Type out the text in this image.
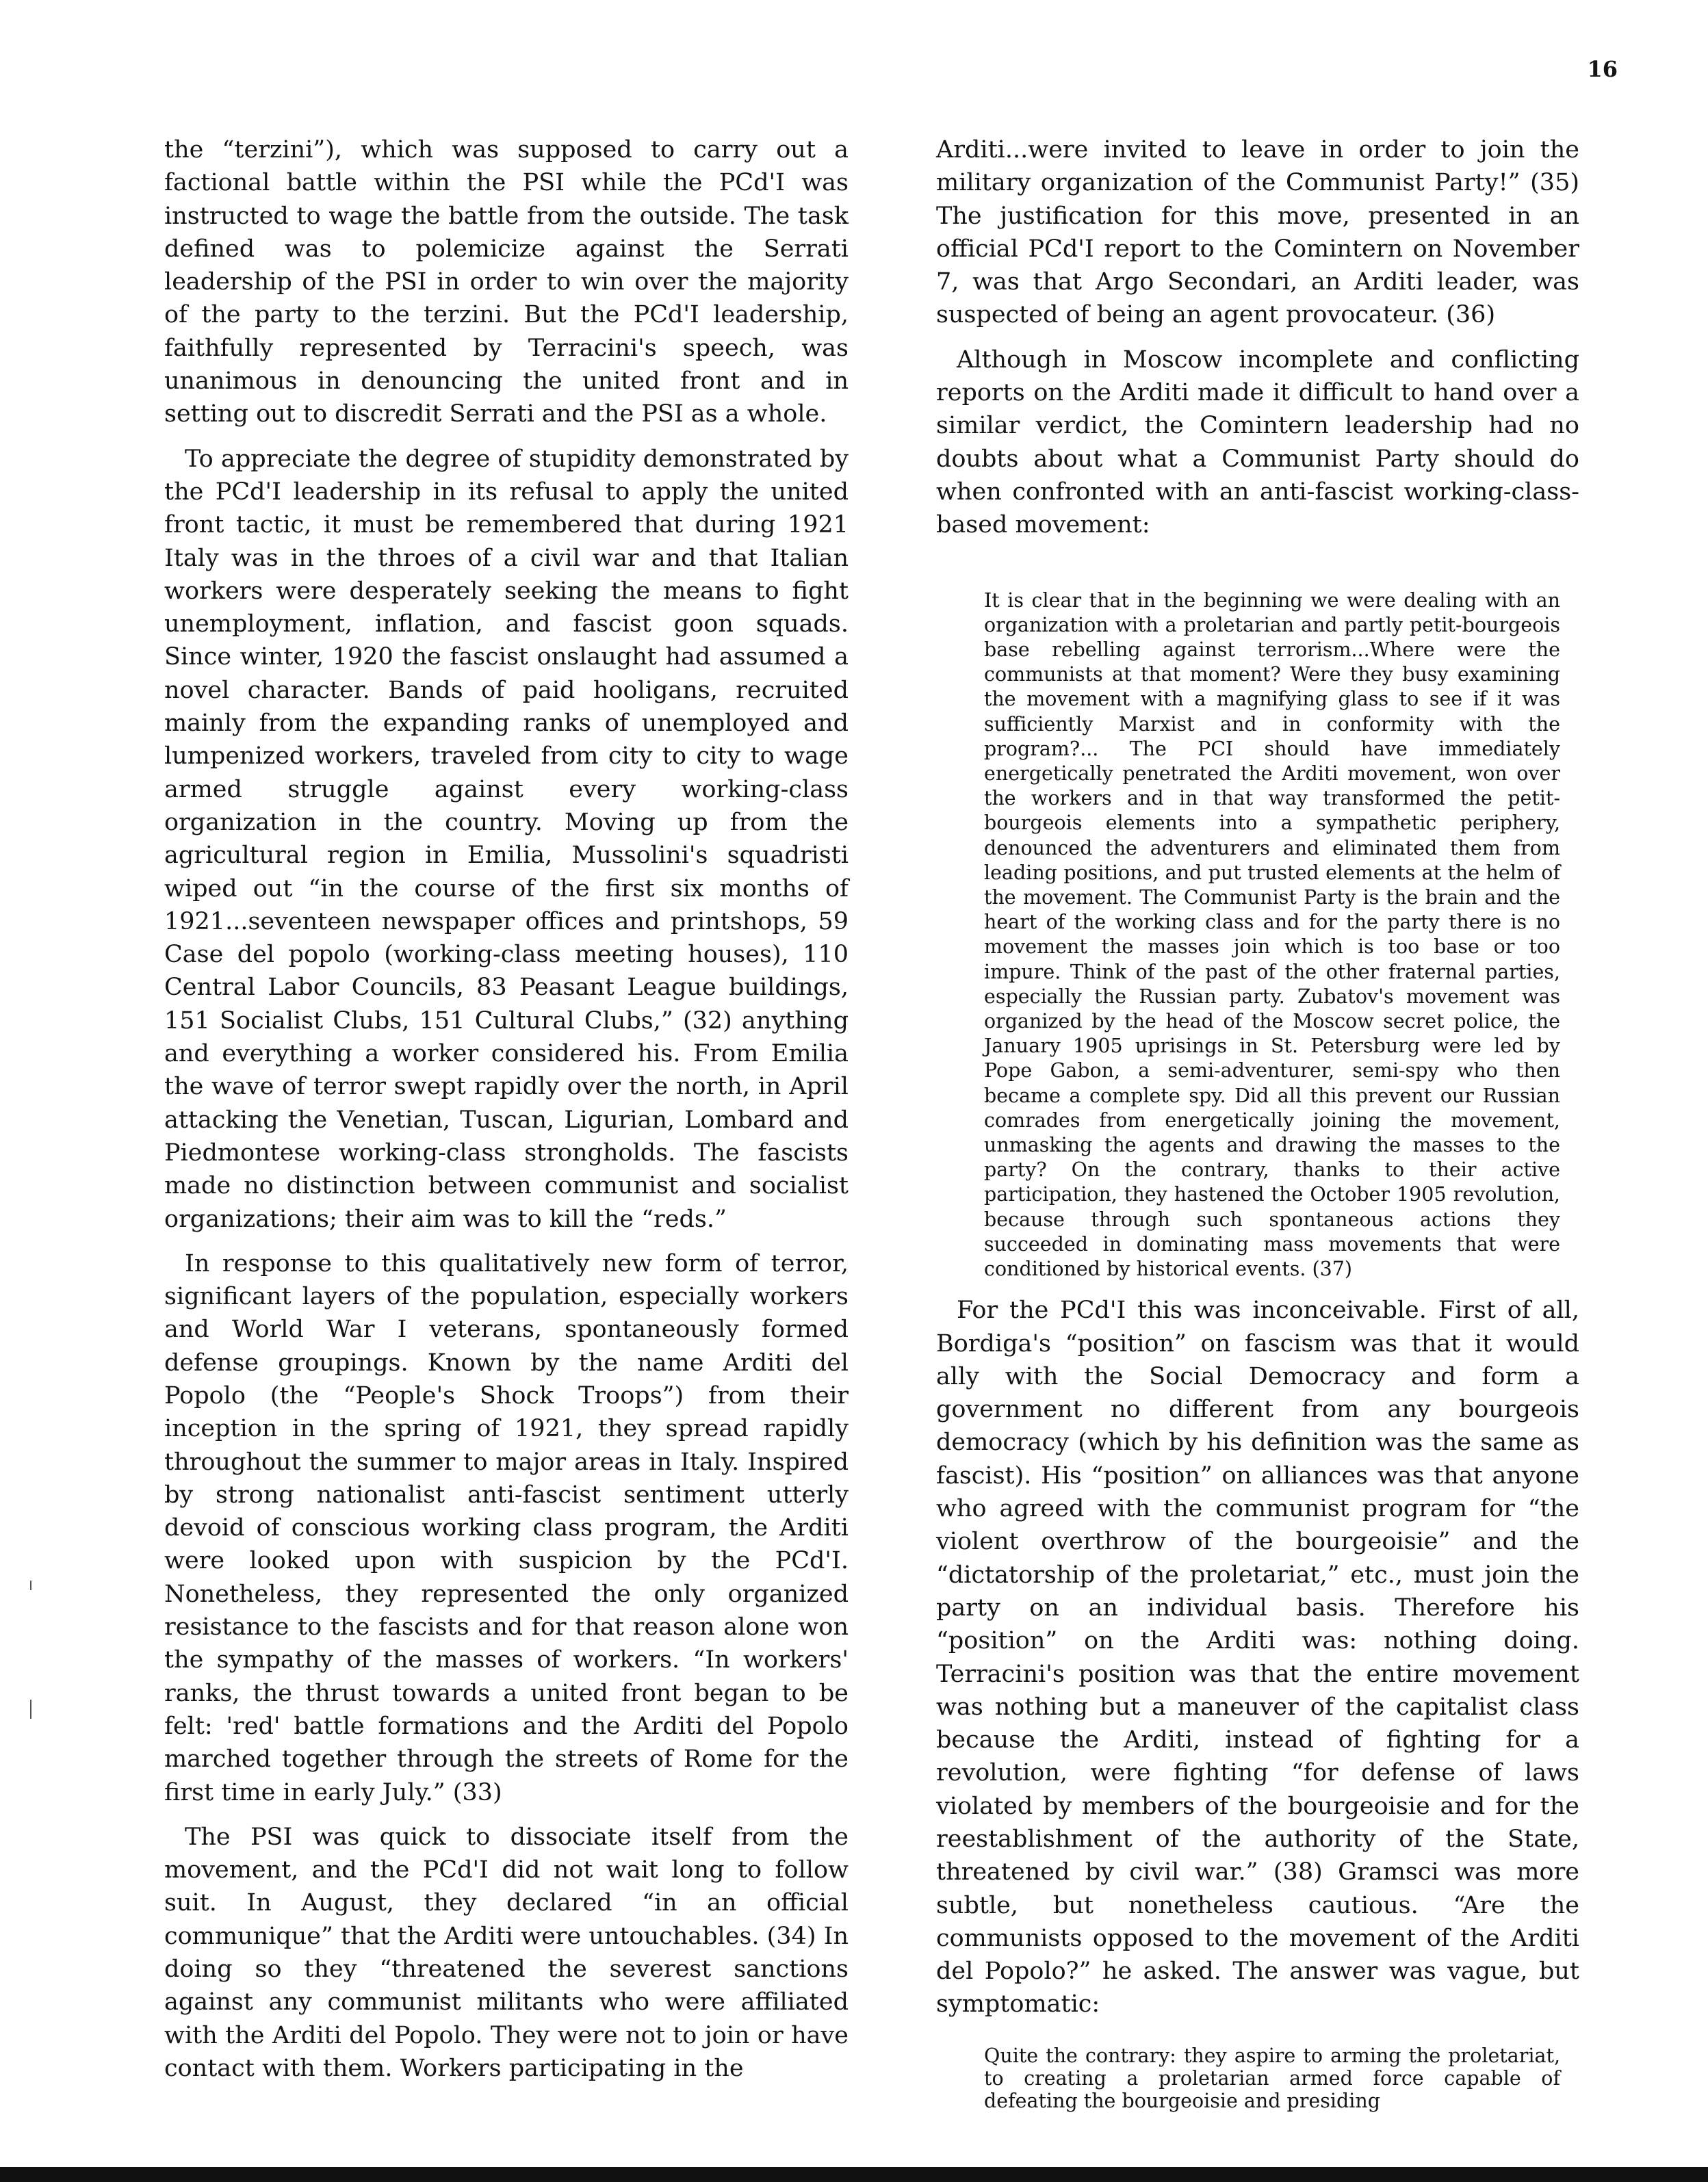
16

the “terzini”), which was supposed to carry out a factional battle within the PSI while the PCd'I was instructed to wage the battle from the outside. The task defined was to polemicize against the Serrati leadership of the PSI in order to win over the majority of the party to the terzini. But the PCd'I leadership, faithfully represented by Terracini's speech, was unanimous in denouncing the united front and in setting out to discredit Serrati and the PSI as a whole.

To appreciate the degree of stupidity demonstrated by the PCd'I leadership in its refusal to apply the united front tactic, it must be remembered that during 1921 Italy was in the throes of a civil war and that Italian workers were desperately seeking the means to fight unemployment, inflation, and fascist goon squads. Since winter, 1920 the fascist onslaught had assumed a novel character. Bands of paid hooligans, recruited mainly from the expanding ranks of unemployed and lumpenized workers, traveled from city to city to wage armed struggle against every working-class organization in the country. Moving up from the agricultural region in Emilia, Mussolini's squadristi wiped out “in the course of the first six months of 1921...seventeen newspaper offices and printshops, 59 Case del popolo (working-class meeting houses), 110 Central Labor Councils, 83 Peasant League buildings, 151 Socialist Clubs, 151 Cultural Clubs,” (32) anything and everything a worker considered his. From Emilia the wave of terror swept rapidly over the north, in April attacking the Venetian, Tuscan, Ligurian, Lombard and Piedmontese working-class strongholds. The fascists made no distinction between communist and socialist organizations; their aim was to kill the “reds.”

In response to this qualitatively new form of terror, significant layers of the population, especially workers and World War I veterans, spontaneously formed defense groupings. Known by the name Arditi del Popolo (the “People's Shock Troops”) from their inception in the spring of 1921, they spread rapidly throughout the summer to major areas in Italy. Inspired by strong nationalist anti-fascist sentiment utterly devoid of conscious working class program, the Arditi were looked upon with suspicion by the PCd'I. Nonetheless, they represented the only organized resistance to the fascists and for that reason alone won the sympathy of the masses of workers. “In workers' ranks, the thrust towards a united front began to be felt: 'red' battle formations and the Arditi del Popolo marched together through the streets of Rome for the first time in early July.” (33)

The PSI was quick to dissociate itself from the movement, and the PCd'I did not wait long to follow suit. In August, they declared “in an official communique” that the Arditi were untouchables. (34) In doing so they “threatened the severest sanctions against any communist militants who were affiliated with the Arditi del Popolo. They were not to join or have contact with them. Workers participating in the

Arditi...were invited to leave in order to join the military organization of the Communist Party!” (35) The justification for this move, presented in an official PCd'I report to the Comintern on November 7, was that Argo Secondari, an Arditi leader, was suspected of being an agent provocateur. (36)

Although in Moscow incomplete and conflicting reports on the Arditi made it difficult to hand over a similar verdict, the Comintern leadership had no doubts about what a Communist Party should do when confronted with an anti-fascist working-class-based movement:

It is clear that in the beginning we were dealing with an organization with a proletarian and partly petit-bourgeois base rebelling against terrorism...Where were the communists at that moment? Were they busy examining the movement with a magnifying glass to see if it was sufficiently Marxist and in conformity with the program?... The PCI should have immediately energetically penetrated the Arditi movement, won over the workers and in that way transformed the petit-bourgeois elements into a sympathetic periphery, denounced the adventurers and eliminated them from leading positions, and put trusted elements at the helm of the movement. The Communist Party is the brain and the heart of the working class and for the party there is no movement the masses join which is too base or too impure. Think of the past of the other fraternal parties, especially the Russian party. Zubatov's movement was organized by the head of the Moscow secret police, the January 1905 uprisings in St. Petersburg were led by Pope Gabon, a semi-adventurer, semi-spy who then became a complete spy. Did all this prevent our Russian comrades from energetically joining the movement, unmasking the agents and drawing the masses to the party? On the contrary, thanks to their active participation, they hastened the October 1905 revolution, because through such spontaneous actions they succeeded in dominating mass movements that were conditioned by historical events. (37)

For the PCd'I this was inconceivable. First of all, Bordiga's “position” on fascism was that it would ally with the Social Democracy and form a government no different from any bourgeois democracy (which by his definition was the same as fascist). His “position” on alliances was that anyone who agreed with the communist program for “the violent overthrow of the bourgeoisie” and the “dictatorship of the proletariat,” etc., must join the party on an individual basis. Therefore his “position” on the Arditi was: nothing doing. Terracini's position was that the entire movement was nothing but a maneuver of the capitalist class because the Arditi, instead of fighting for a revolution, were fighting “for defense of laws violated by members of the bourgeoisie and for the reestablishment of the authority of the State, threatened by civil war.” (38) Gramsci was more subtle, but nonetheless cautious. “Are the communists opposed to the movement of the Arditi del Popolo?” he asked. The answer was vague, but symptomatic:

Quite the contrary: they aspire to arming the proletariat, to creating a proletarian armed force capable of defeating the bourgeoisie and presiding
